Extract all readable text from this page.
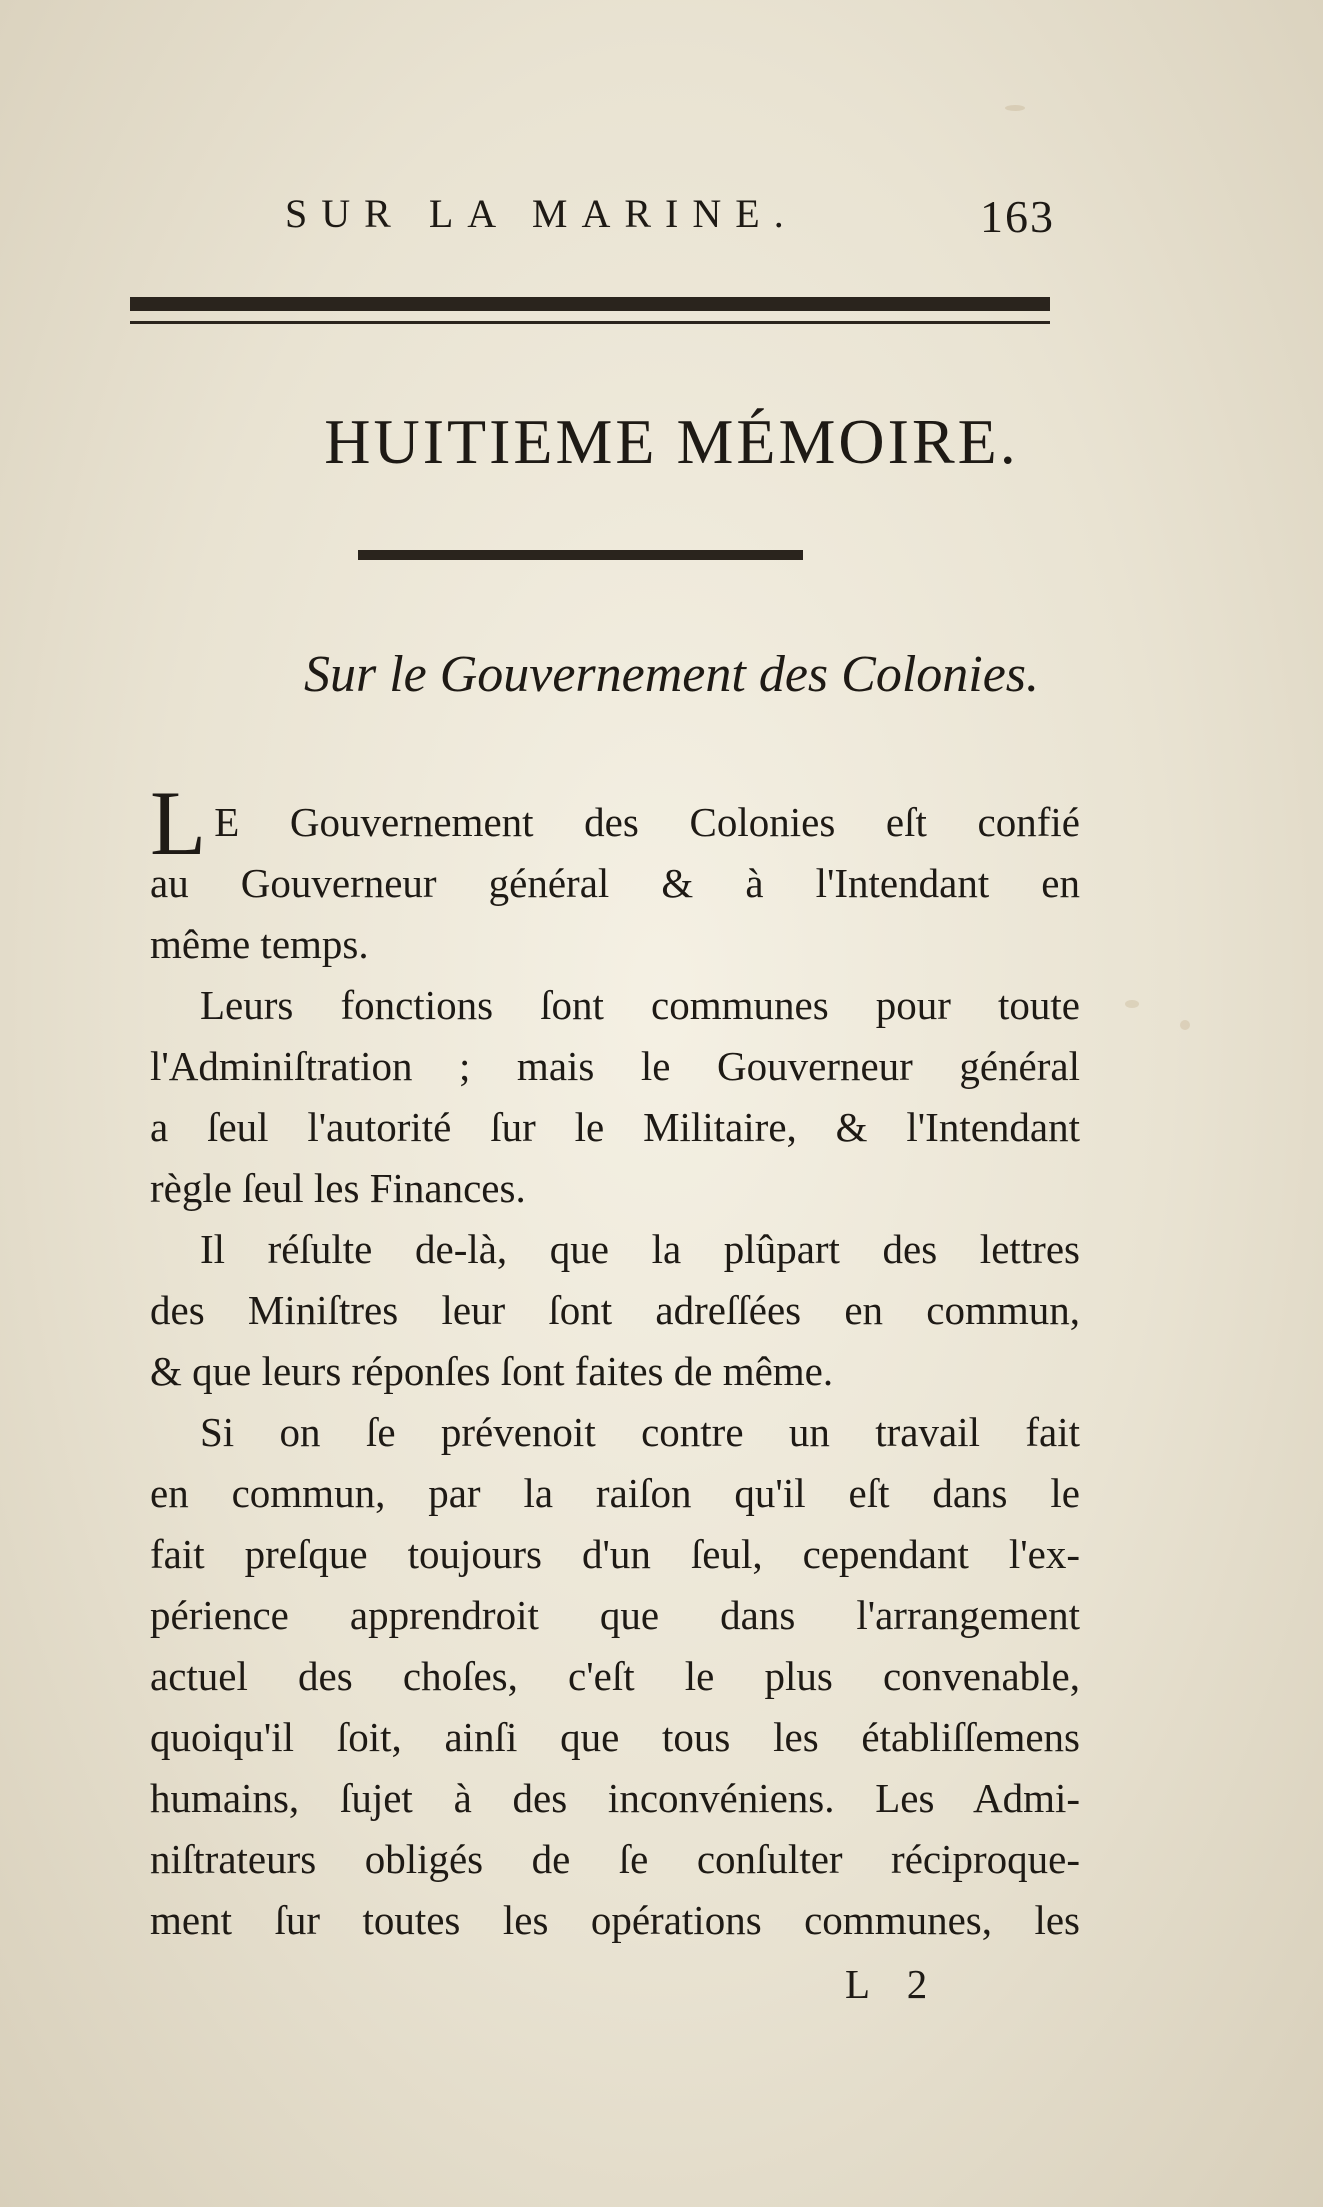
SUR LA MARINE.	163
HUITIEME MÉMOIRE.
Sur le Gouvernement des Colonies.
L E Gouvernement des Colonies eſt confié
au Gouverneur général & à l'Intendant en
même temps.
Leurs fonctions ſont communes pour toute
l'Adminiſtration ; mais le Gouverneur général
a ſeul l'autorité ſur le Militaire, & l'Intendant
règle ſeul les Finances.
Il réſulte de-là, que la plûpart des lettres
des Miniſtres leur ſont adreſſées en commun,
& que leurs réponſes ſont faites de même.
Si on ſe prévenoit contre un travail fait
en commun, par la raiſon qu'il eſt dans le
fait preſque toujours d'un ſeul, cependant l'ex-
périence apprendroit que dans l'arrangement
actuel des choſes, c'eſt le plus convenable,
quoiqu'il ſoit, ainſi que tous les établiſſemens
humains, ſujet à des inconvéniens. Les Admi-
niſtrateurs obligés de ſe conſulter réciproque-
ment ſur toutes les opérations communes, les
L 2
